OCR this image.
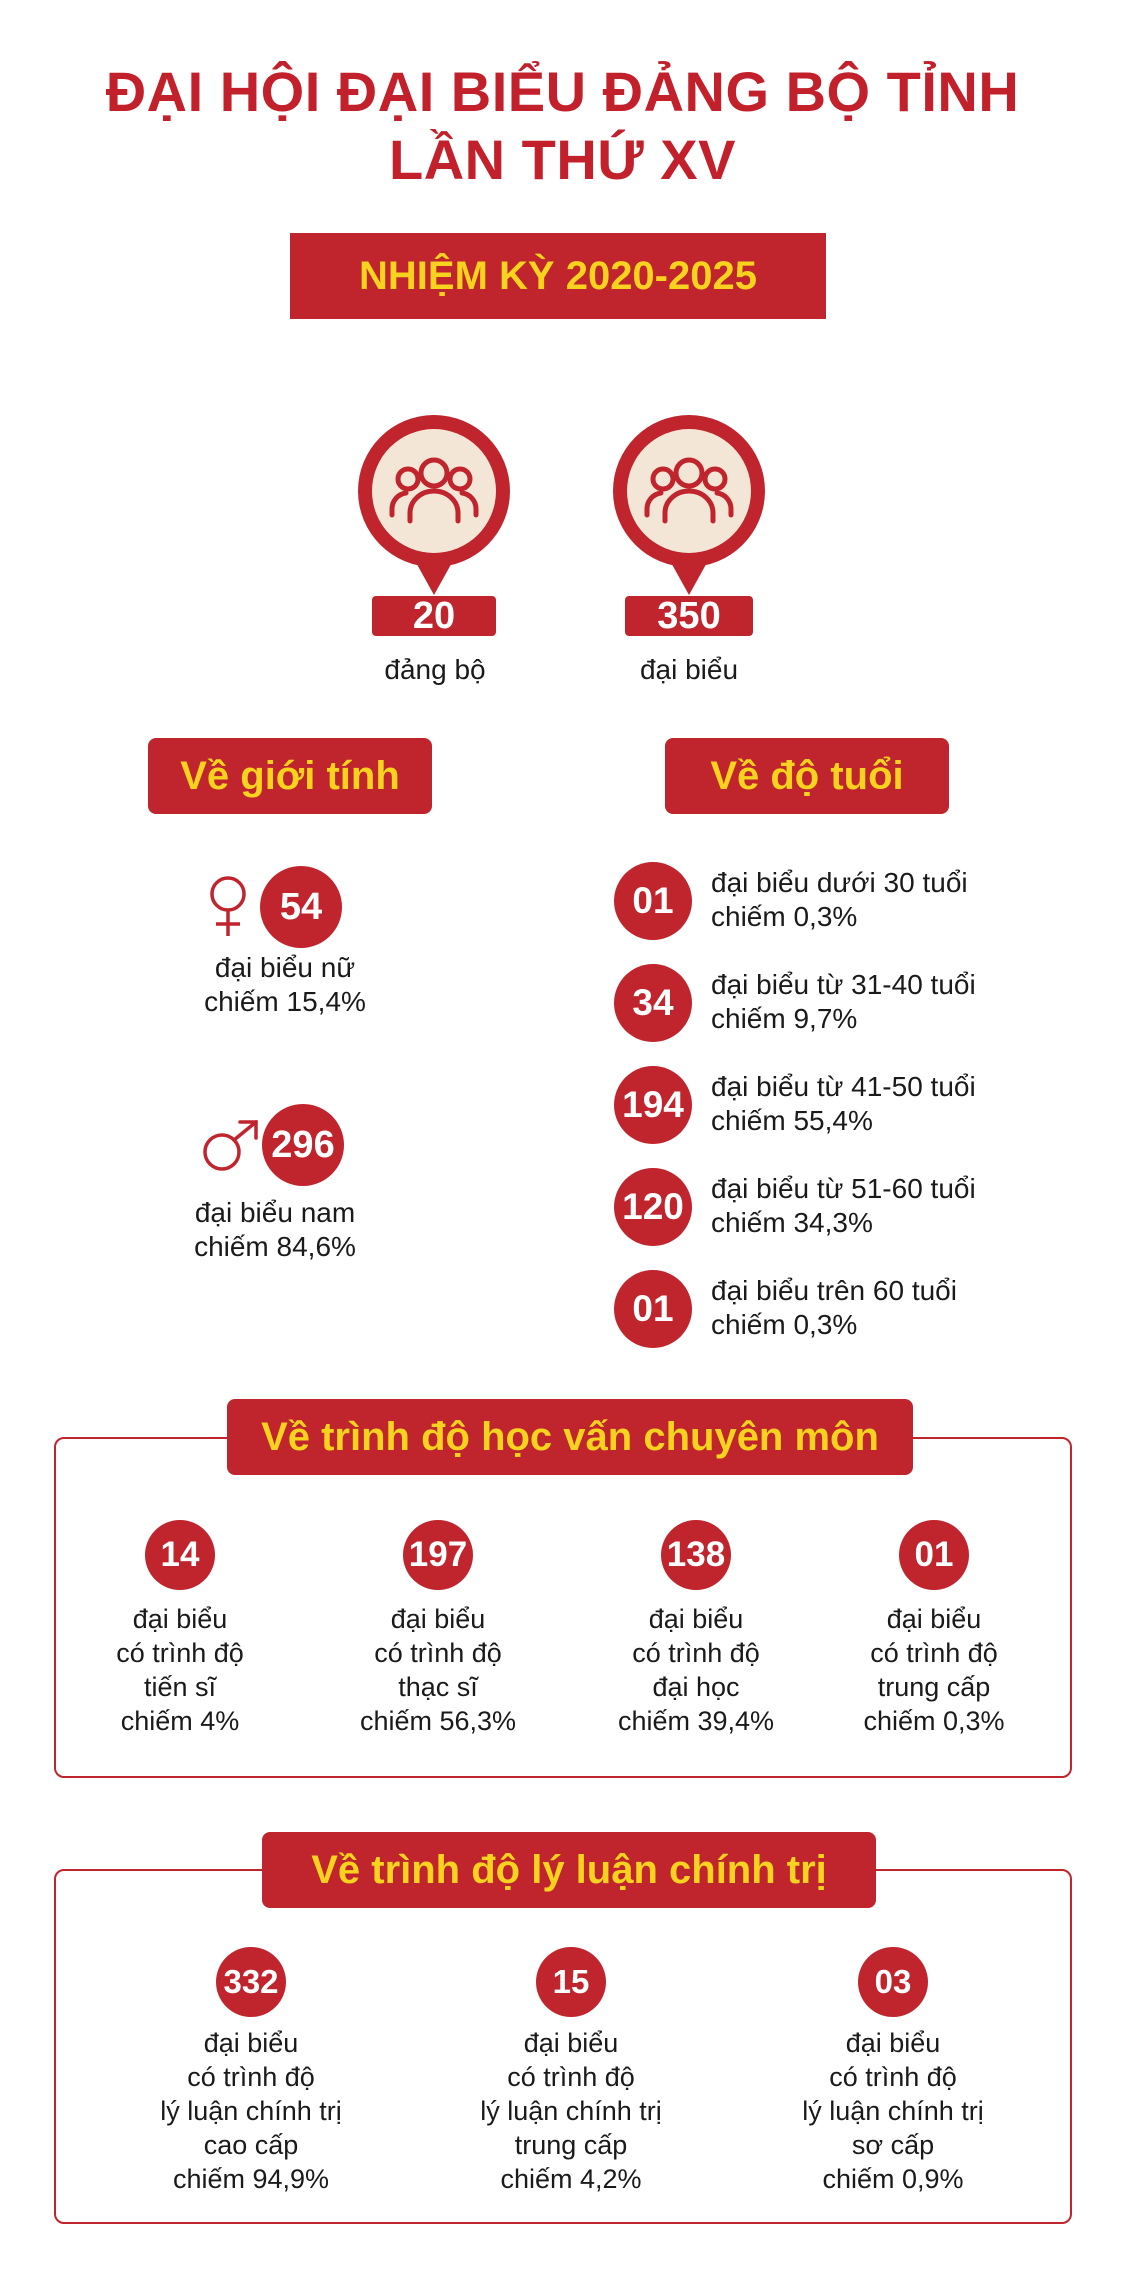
ĐẠI HỘI ĐẠI BIỂU ĐẢNG BỘ TỈNH
LẦN THỨ XV
NHIỆM KỲ 2020-2025
20
đảng bộ
350
đại biểu
Về giới tính
54
đại biểu nữ
chiếm 15,4%
296
đại biểu nam
chiếm 84,6%
Về độ tuổi
01	đại biểu dưới 30 tuổi
chiếm 0,3%
34	đại biểu từ 31-40 tuổi
chiếm 9,7%
194 đại biểu từ 41-50 tuổi
chiếm 55,4%
120 đại biểu từ 51-60 tuổi
chiếm 34,3%
01	đại biểu trên 60 tuổi
chiếm 0,3%
Về trình độ học vấn chuyên môn
14
đại biểu
có trình độ
tiến sĩ
chiếm 4%
197
đại biểu
có trình độ
thạc sĩ
chiếm 56,3%
138
đại biểu
có trình độ
đại học
chiếm 39,4%
01
đại biểu
có trình độ
trung cấp
chiếm 0,3%
Về trình độ lý luận chính trị
332
đại biểu
có trình độ
lý luận chính trị
cao cấp
chiếm 94,9%
15
đại biểu
có trình độ
lý luận chính trị
trung cấp
chiếm 4,2%
03
đại biểu
có trình độ
lý luận chính trị
sơ cấp
chiếm 0,9%
